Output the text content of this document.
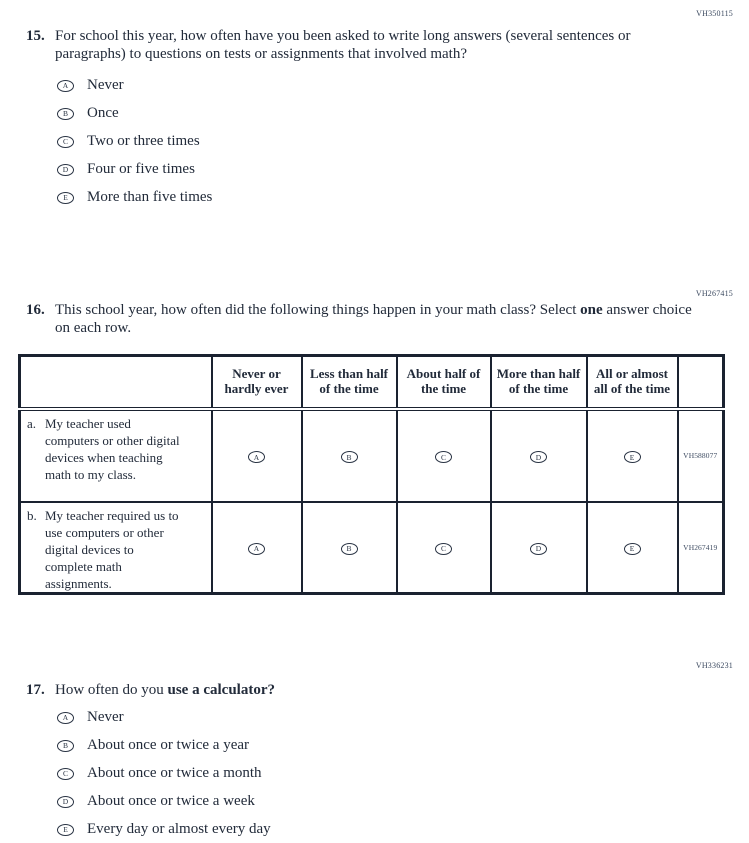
VH350115
15. For school this year, how often have you been asked to write long answers (several sentences or paragraphs) to questions on tests or assignments that involved math?
A	Never
B	Once
C	Two or three times
D	Four or five times
E	More than five times
VH267415
16. This school year, how often did the following things happen in your math class? Select one answer choice on each row.
	Never or hardly ever	Less than half of the time	About half of the time	More than half of the time	All or almost all of the time	

a. My teacher used computers or other digital devices when teaching math to my class.	A	B	C	D	E	VH588077

b. My teacher required us to use computers or other digital devices to complete math assignments.	A	B	C	D	E	VH267419
VH336231
17. How often do you use a calculator?
A	Never
B	About once or twice a year
C	About once or twice a month
D	About once or twice a week
E	Every day or almost every day
